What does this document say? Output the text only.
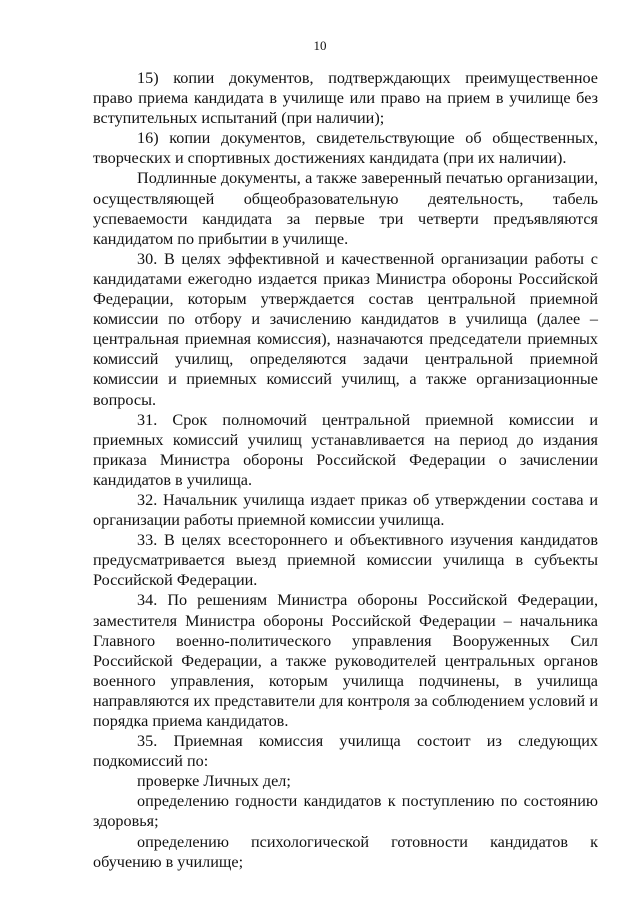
10

15) копии документов, подтверждающих преимущественное право приема кандидата в училище или право на прием в училище без вступительных испытаний (при наличии);

16) копии документов, свидетельствующие об общественных, творческих и спортивных достижениях кандидата (при их наличии).

Подлинные документы, а также заверенный печатью организации, осуществляющей общеобразовательную деятельность, табель успеваемости кандидата за первые три четверти предъявляются кандидатом по прибытии в училище.

30. В целях эффективной и качественной организации работы с кандидатами ежегодно издается приказ Министра обороны Российской Федерации, которым утверждается состав центральной приемной комиссии по отбору и зачислению кандидатов в училища (далее – центральная приемная комиссия), назначаются председатели приемных комиссий училищ, определяются задачи центральной приемной комиссии и приемных комиссий училищ, а также организационные вопросы.

31. Срок полномочий центральной приемной комиссии и приемных комиссий училищ устанавливается на период до издания приказа Министра обороны Российской Федерации о зачислении кандидатов в училища.

32. Начальник училища издает приказ об утверждении состава и организации работы приемной комиссии училища.

33. В целях всестороннего и объективного изучения кандидатов предусматривается выезд приемной комиссии училища в субъекты Российской Федерации.

34. По решениям Министра обороны Российской Федерации, заместителя Министра обороны Российской Федерации – начальника Главного военно-политического управления Вооруженных Сил Российской Федерации, а также руководителей центральных органов военного управления, которым училища подчинены, в училища направляются их представители для контроля за соблюдением условий и порядка приема кандидатов.

35. Приемная комиссия училища состоит из следующих подкомиссий по:

проверке Личных дел;

определению годности кандидатов к поступлению по состоянию здоровья;

определению психологической готовности кандидатов к обучению в училище;
